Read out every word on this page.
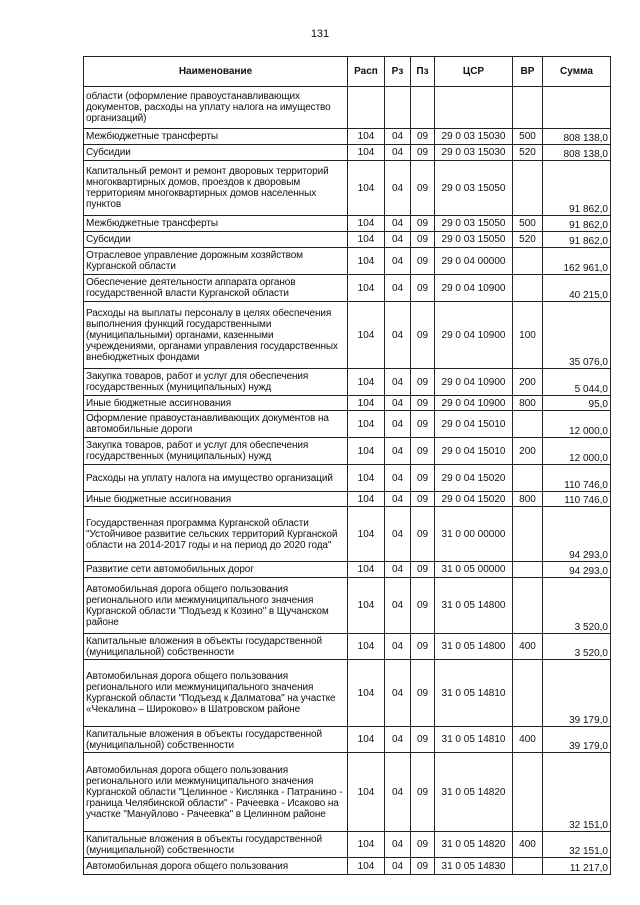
131
Наименование	Расп	Рз	Пз	ЦСР	ВР	Сумма
области (оформление правоустанавливающих документов, расходы на уплату налога на имущество организаций)						
Межбюджетные трансферты	104	04	09	29 0 03 15030	500	808 138,0
Субсидии	104	04	09	29 0 03 15030	520	808 138,0
Капитальный ремонт и ремонт дворовых территорий многоквартирных домов, проездов к дворовым территориям многоквартирных домов населенных пунктов	104	04	09	29 0 03 15050		91 862,0
Межбюджетные трансферты	104	04	09	29 0 03 15050	500	91 862,0
Субсидии	104	04	09	29 0 03 15050	520	91 862,0
Отраслевое управление дорожным хозяйством Курганской области	104	04	09	29 0 04 00000		162 961,0
Обеспечение деятельности аппарата органов государственной власти Курганской области	104	04	09	29 0 04 10900		40 215,0
Расходы на выплаты персоналу в целях обеспечения выполнения функций государственными (муниципальными) органами, казенными учреждениями, органами управления государственных внебюджетных фондами	104	04	09	29 0 04 10900	100	35 076,0
Закупка товаров, работ и услуг для обеспечения государственных (муниципальных) нужд	104	04	09	29 0 04 10900	200	5 044,0
Иные бюджетные ассигнования	104	04	09	29 0 04 10900	800	95,0
Оформление правоустанавливающих документов на автомобильные дороги	104	04	09	29 0 04 15010		12 000,0
Закупка товаров, работ и услуг для обеспечения государственных (муниципальных) нужд	104	04	09	29 0 04 15010	200	12 000,0
Расходы на уплату налога на имущество организаций	104	04	09	29 0 04 15020		110 746,0
Иные бюджетные ассигнования	104	04	09	29 0 04 15020	800	110 746,0
Государственная программа Курганской области "Устойчивое развитие сельских территорий Курганской области на 2014-2017 годы и на период до 2020 года"	104	04	09	31 0 00 00000		94 293,0
Развитие сети автомобильных дорог	104	04	09	31 0 05 00000		94 293,0
Автомобильная дорога общего пользования регионального или межмуниципального значения Курганской области "Подъезд к Козино" в Щучанском районе	104	04	09	31 0 05 14800		3 520,0
Капитальные вложения в объекты государственной (муниципальной) собственности	104	04	09	31 0 05 14800	400	3 520,0
Автомобильная дорога общего пользования регионального или межмуниципального значения Курганской области "Подъезд к Далматова" на участке «Чекалина – Широково» в Шатровском районе	104	04	09	31 0 05 14810		39 179,0
Капитальные вложения в объекты государственной (муниципальной) собственности	104	04	09	31 0 05 14810	400	39 179,0
Автомобильная дорога общего пользования регионального или межмуниципального значения Курганской области "Целинное - Кислянка - Патранино - граница Челябинской области" - Рачеевка - Исаково на участке "Мануйлово - Рачеевка" в Целинном районе	104	04	09	31 0 05 14820		32 151,0
Капитальные вложения в объекты государственной (муниципальной) собственности	104	04	09	31 0 05 14820	400	32 151,0
Автомобильная дорога общего пользования	104	04	09	31 0 05 14830		11 217,0
